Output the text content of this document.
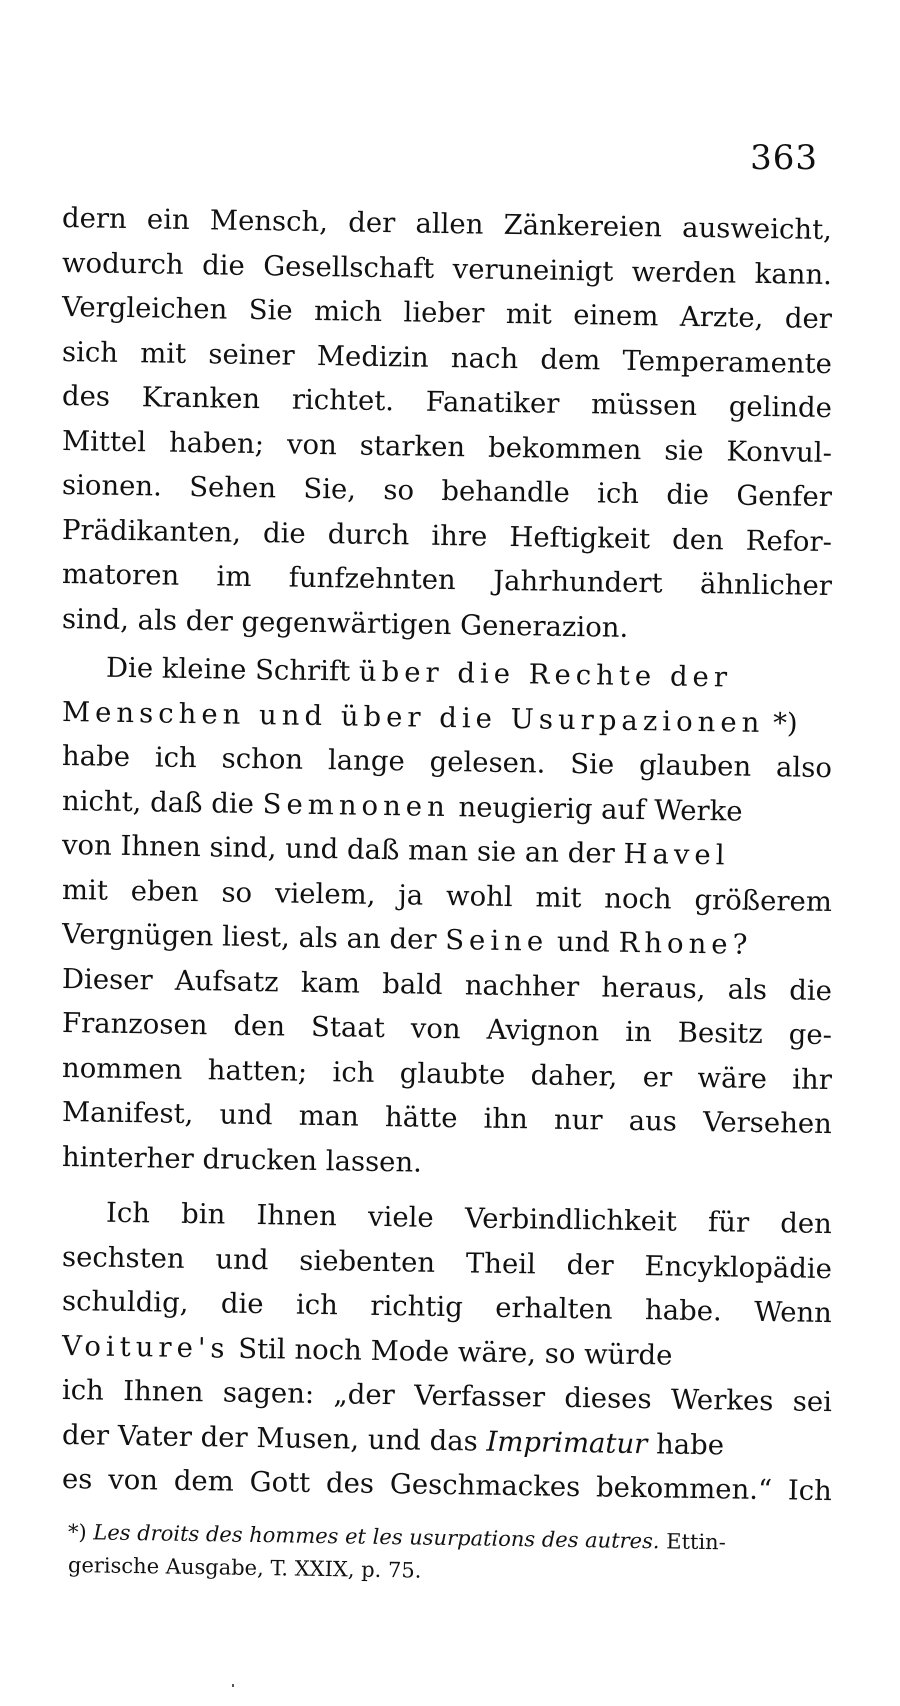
363
dern ein Mensch, der allen Zänkereien ausweicht,
wodurch die Gesellschaft veruneinigt werden kann.
Vergleichen Sie mich lieber mit einem Arzte, der
sich mit seiner Medizin nach dem Temperamente
des Kranken richtet. Fanatiker müssen gelinde
Mittel haben; von starken bekommen sie Konvul-
sionen. Sehen Sie, so behandle ich die Genfer
Prädikanten, die durch ihre Heftigkeit den Refor-
matoren im funfzehnten Jahrhundert ähnlicher
sind, als der gegenwärtigen Generazion.
Die kleine Schrift über die Rechte der
Menschen und über die Usurpazionen *)
habe ich schon lange gelesen. Sie glauben also
nicht, daß die Semnonen neugierig auf Werke
von Ihnen sind, und daß man sie an der Havel
mit eben so vielem, ja wohl mit noch größerem
Vergnügen liest, als an der Seine und Rhone?
Dieser Aufsatz kam bald nachher heraus, als die
Franzosen den Staat von Avignon in Besitz ge-
nommen hatten; ich glaubte daher, er wäre ihr
Manifest, und man hätte ihn nur aus Versehen
hinterher drucken lassen.
Ich bin Ihnen viele Verbindlichkeit für den
sechsten und siebenten Theil der Encyklopädie
schuldig, die ich richtig erhalten habe. Wenn
Voiture's Stil noch Mode wäre, so würde
ich Ihnen sagen: „der Verfasser dieses Werkes sei
der Vater der Musen, und das Imprimatur habe
es von dem Gott des Geschmackes bekommen.“ Ich
*) Les droits des hommes et les usurpations des autres. Ettin-
gerische Ausgabe, T. XXIX, p. 75.
